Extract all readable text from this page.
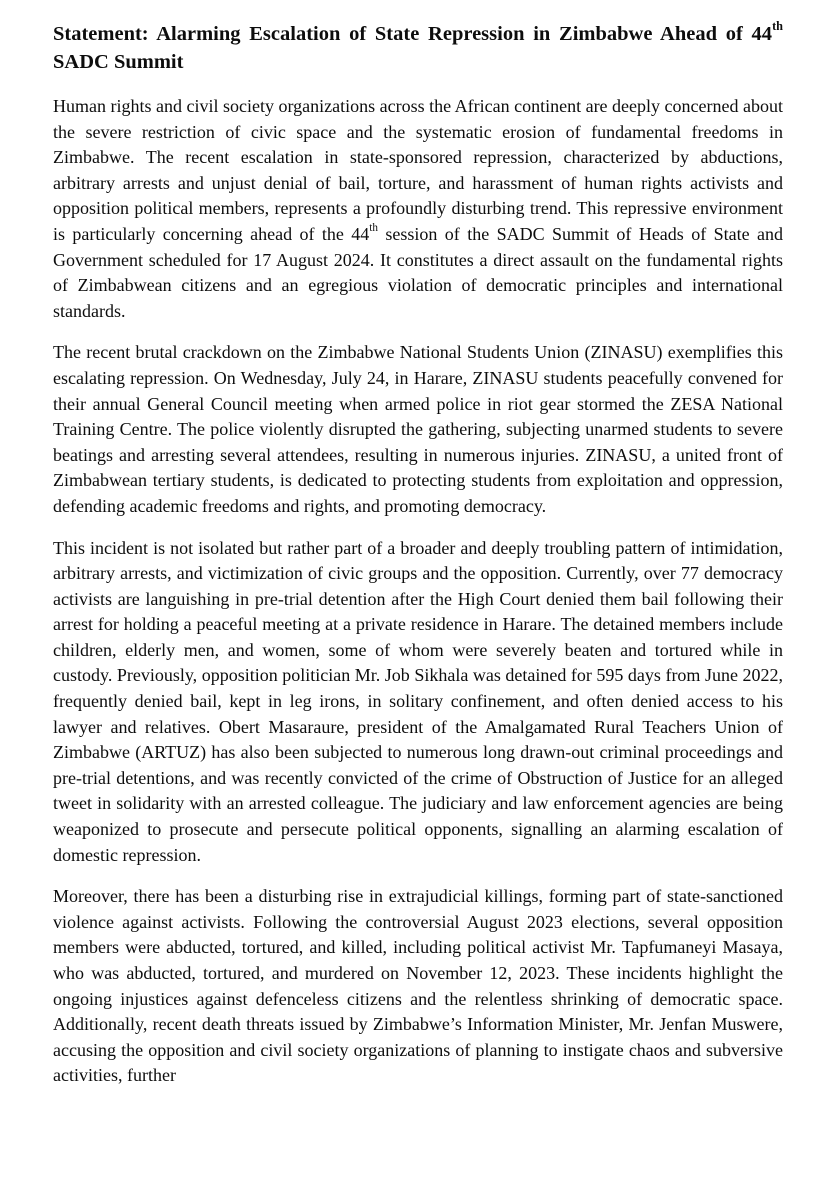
Statement: Alarming Escalation of State Repression in Zimbabwe Ahead of 44th SADC Summit

Human rights and civil society organizations across the African continent are deeply concerned about the severe restriction of civic space and the systematic erosion of fundamental freedoms in Zimbabwe. The recent escalation in state-sponsored repression, characterized by abductions, arbitrary arrests and unjust denial of bail, torture, and harassment of human rights activists and opposition political members, represents a profoundly disturbing trend. This repressive environment is particularly concerning ahead of the 44th session of the SADC Summit of Heads of State and Government scheduled for 17 August 2024. It constitutes a direct assault on the fundamental rights of Zimbabwean citizens and an egregious violation of democratic principles and international standards.

The recent brutal crackdown on the Zimbabwe National Students Union (ZINASU) exemplifies this escalating repression. On Wednesday, July 24, in Harare, ZINASU students peacefully convened for their annual General Council meeting when armed police in riot gear stormed the ZESA National Training Centre. The police violently disrupted the gathering, subjecting unarmed students to severe beatings and arresting several attendees, resulting in numerous injuries. ZINASU, a united front of Zimbabwean tertiary students, is dedicated to protecting students from exploitation and oppression, defending academic freedoms and rights, and promoting democracy.

This incident is not isolated but rather part of a broader and deeply troubling pattern of intimidation, arbitrary arrests, and victimization of civic groups and the opposition. Currently, over 77 democracy activists are languishing in pre-trial detention after the High Court denied them bail following their arrest for holding a peaceful meeting at a private residence in Harare. The detained members include children, elderly men, and women, some of whom were severely beaten and tortured while in custody. Previously, opposition politician Mr. Job Sikhala was detained for 595 days from June 2022, frequently denied bail, kept in leg irons, in solitary confinement, and often denied access to his lawyer and relatives. Obert Masaraure, president of the Amalgamated Rural Teachers Union of Zimbabwe (ARTUZ) has also been subjected to numerous long drawn-out criminal proceedings and pre-trial detentions, and was recently convicted of the crime of Obstruction of Justice for an alleged tweet in solidarity with an arrested colleague. The judiciary and law enforcement agencies are being weaponized to prosecute and persecute political opponents, signalling an alarming escalation of domestic repression.

Moreover, there has been a disturbing rise in extrajudicial killings, forming part of state-sanctioned violence against activists. Following the controversial August 2023 elections, several opposition members were abducted, tortured, and killed, including political activist Mr. Tapfumaneyi Masaya, who was abducted, tortured, and murdered on November 12, 2023. These incidents highlight the ongoing injustices against defenceless citizens and the relentless shrinking of democratic space. Additionally, recent death threats issued by Zimbabwe’s Information Minister, Mr. Jenfan Muswere, accusing the opposition and civil society organizations of planning to instigate chaos and subversive activities, further
